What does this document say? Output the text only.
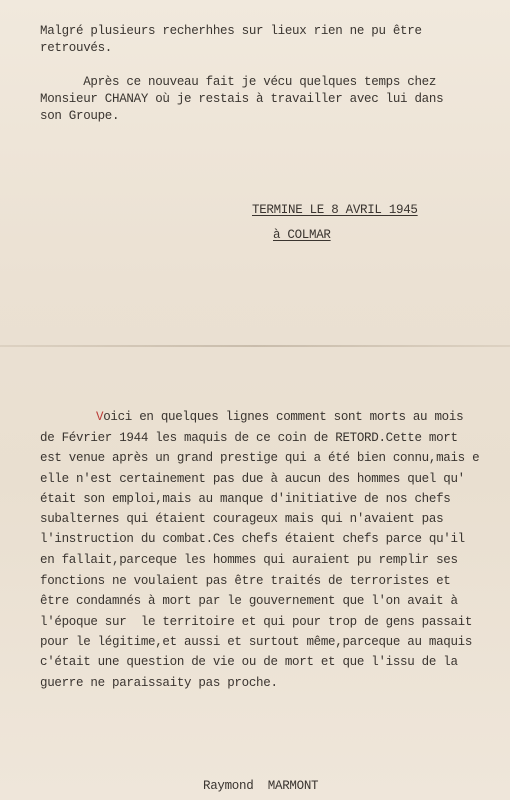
Malgré plusieurs recherhhes sur lieux rien ne pu être
retrouvés.
Après ce nouveau fait je vécu quelques temps chez
Monsieur CHANAY où je restais à travailler avec lui dans
son Groupe.
TERMINE LE 8 AVRIL 1945
à COLMAR
Voici en quelques lignes comment sont morts au mois
de Février 1944 les maquis de ce coin de RETORD.Cette mort
est venue après un grand prestige qui a été bien connu,mais e
elle n'est certainement pas due à aucun des hommes quel qu'
était son emploi,mais au manque d'initiative de nos chefs
subalternes qui étaient courageux mais qui n'avaient pas
l'instruction du combat.Ces chefs étaient chefs parce qu'il
en fallait,parceque les hommes qui auraient pu remplir ses
fonctions ne voulaient pas être traités de terroristes et
être condamnés à mort par le gouvernement que l'on avait à
l'époque sur  le territoire et qui pour trop de gens passait
pour le légitime,et aussi et surtout même,parceque au maquis
c'était une question de vie ou de mort et que l'issu de la
guerre ne paraissaity pas proche.
Raymond  MARMONT
